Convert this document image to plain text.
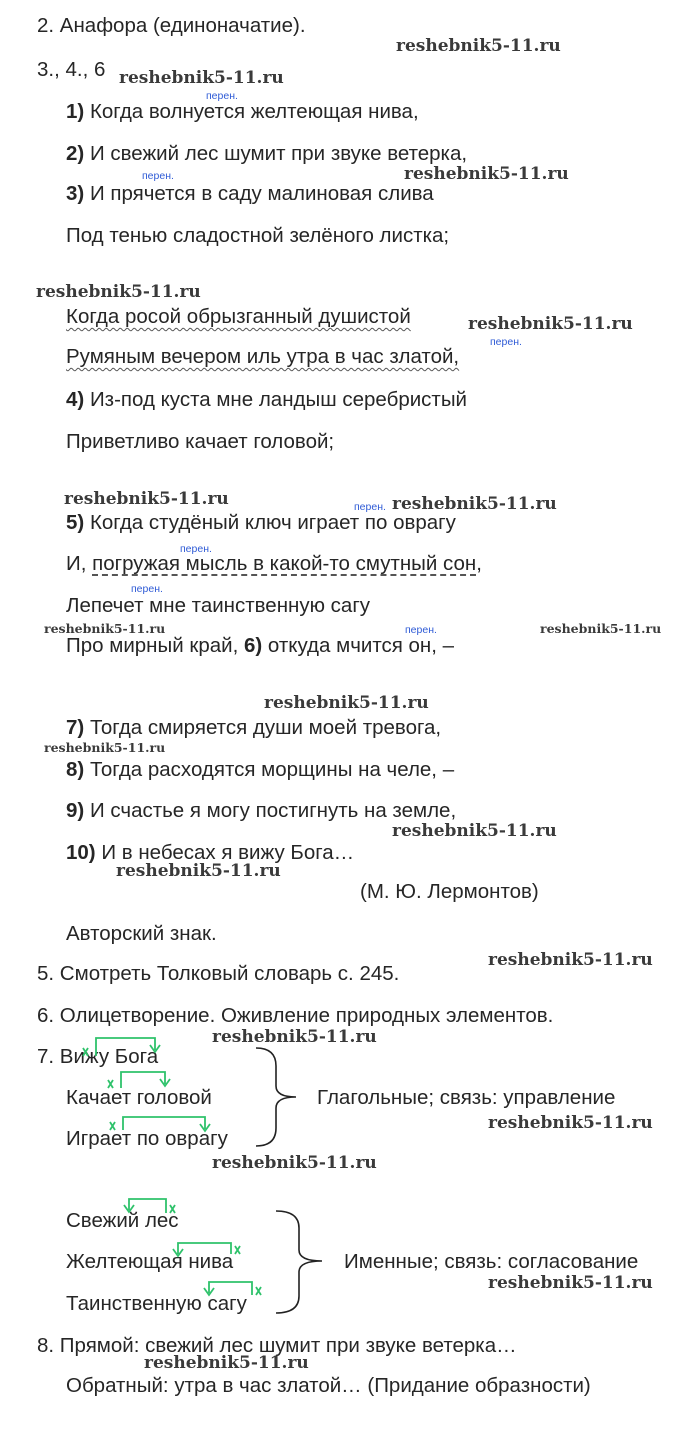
2. Анафора (единоначатие).
3., 4., 6
1) Когда волнуется желтеющая нива,
2) И свежий лес шумит при звуке ветерка,
3) И прячется в саду малиновая слива
Под тенью сладостной зелёного листка;
Когда росой обрызганный душистой
Румяным вечером иль утра в час златой,
4) Из-под куста мне ландыш серебристый
Приветливо качает головой;
5) Когда студёный ключ играет по оврагу
И, погружая мысль в какой-то смутный сон,
Лепечет мне таинственную сагу
Про мирный край, 6) откуда мчится он, –
7) Тогда смиряется души моей тревога,
8) Тогда расходятся морщины на челе, –
9) И счастье я могу постигнуть на земле,
10) И в небесах я вижу Бога…
(М. Ю. Лермонтов)
Авторский знак.
5. Смотреть Толковый словарь с. 245.
6. Олицетворение. Оживление природных элементов.
7. Вижу Бога
Качает головой
Играет по оврагу
Глагольные; связь: управление
Свежий лес
Желтеющая нива
Таинственную сагу
Именные; связь: согласование
8. Прямой: свежий лес шумит при звуке ветерка…
Обратный: утра в час златой… (Придание образности)
перен.
перен.
перен.
перен.
перен.
перен.
перен.
reshebnik5-11.ru
reshebnik5-11.ru
reshebnik5-11.ru
reshebnik5-11.ru
reshebnik5-11.ru
reshebnik5-11.ru	reshebnik5-11.ru
reshebnik5-11.ru	reshebnik5-11.ru
reshebnik5-11.ru
reshebnik5-11.ru
reshebnik5-11.ru
reshebnik5-11.ru
reshebnik5-11.ru
reshebnik5-11.ru
reshebnik5-11.ru
reshebnik5-11.ru
reshebnik5-11.ru
reshebnik5-11.ru
